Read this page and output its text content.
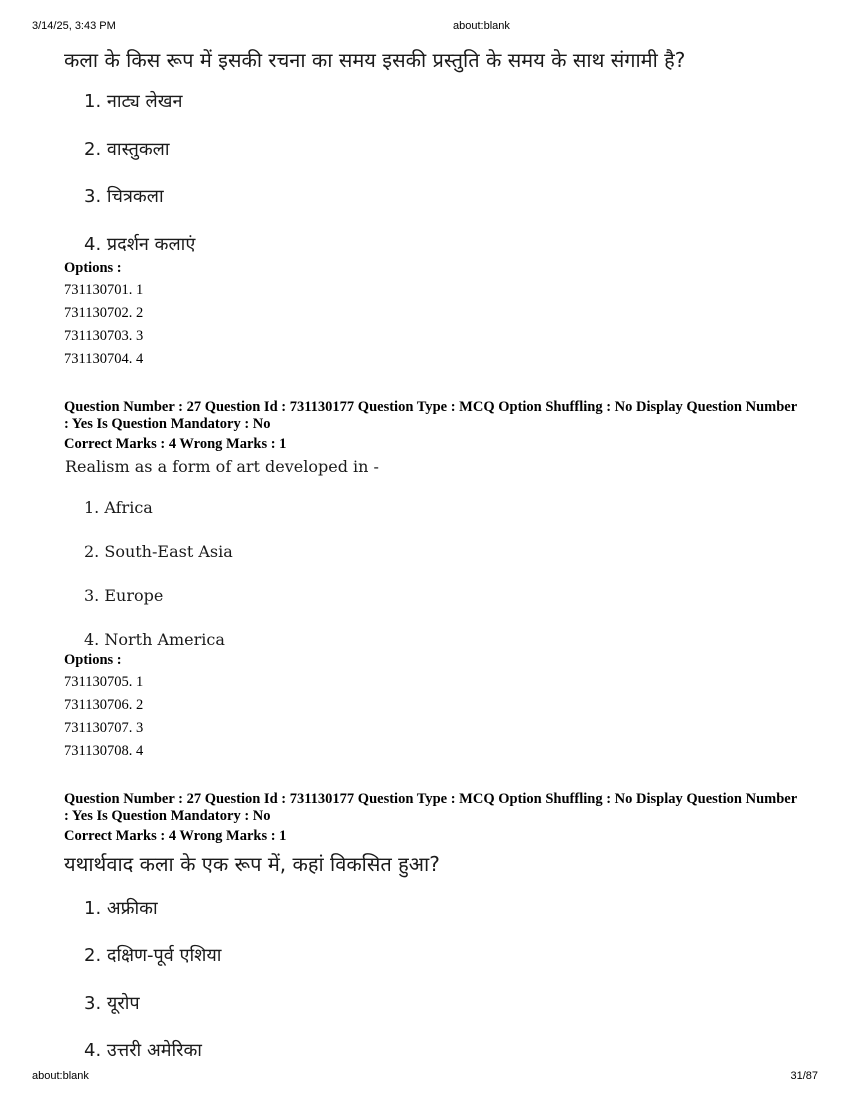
3/14/25, 3:43 PM	about:blank
कला के किस रूप में इसकी रचना का समय इसकी प्रस्तुति के समय के साथ संगामी है?
1. नाट्य लेखन
2. वास्तुकला
3. चित्रकला
4. प्रदर्शन कलाएं
Options :
731130701. 1
731130702. 2
731130703. 3
731130704. 4
Question Number : 27 Question Id : 731130177 Question Type : MCQ Option Shuffling : No Display Question Number : Yes Is Question Mandatory : No
Correct Marks : 4 Wrong Marks : 1
Realism as a form of art developed in -
1. Africa
2. South-East Asia
3. Europe
4. North America
Options :
731130705. 1
731130706. 2
731130707. 3
731130708. 4
Question Number : 27 Question Id : 731130177 Question Type : MCQ Option Shuffling : No Display Question Number : Yes Is Question Mandatory : No
Correct Marks : 4 Wrong Marks : 1
यथार्थवाद कला के एक रूप में, कहां विकसित हुआ?
1. अफ्रीका
2. दक्षिण-पूर्व एशिया
3. यूरोप
4. उत्तरी अमेरिका
about:blank	31/87
